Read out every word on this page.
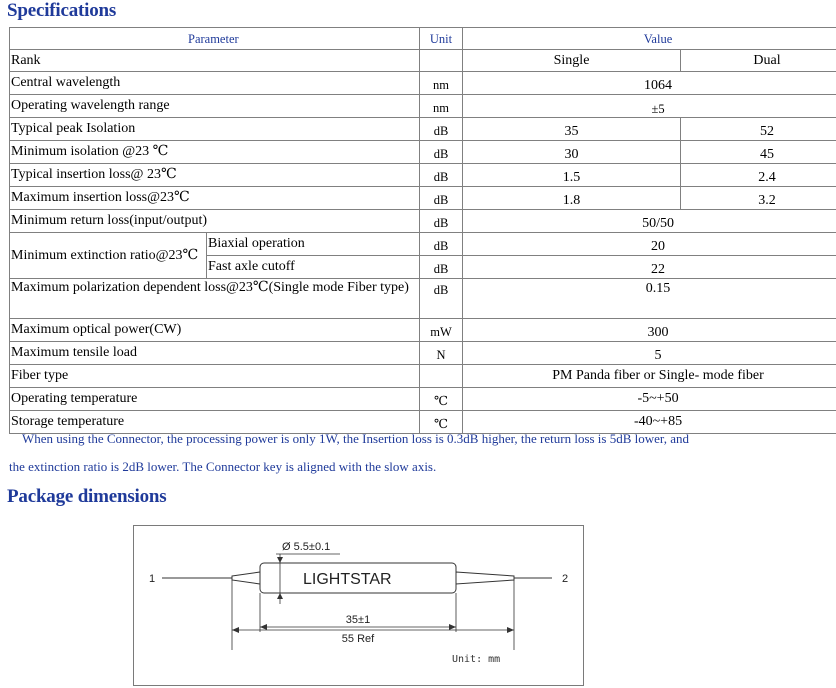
Specifications
Parameter		Unit	Value	
Rank			Single	Dual
Central wavelength		nm	1064	
Operating wavelength range		nm	±5	
Typical peak Isolation		dB	35	52
Minimum isolation @23 ℃		dB	30	45
Typical insertion loss@ 23℃		dB	1.5	2.4
Maximum insertion loss@23℃		dB	1.8	3.2
Minimum return loss(input/output)		dB	50/50	
Minimum extinction ratio@23℃	Biaxial operation	dB	20	
	Fast axle cutoff	dB	22	
Maximum polarization dependent loss@23℃(Single mode Fiber type)		dB	0.15	
Maximum optical power(CW)		mW	300	
Maximum tensile load		N	5	
Fiber type			PM Panda fiber or Single- mode fiber	
Operating temperature		℃	-5~+50	
Storage temperature		℃	-40~+85	

When using the Connector, the processing power is only 1W, the Insertion loss is 0.3dB higher, the return loss is 5dB lower, and

the extinction ratio is 2dB lower. The Connector key is aligned with the slow axis.

Package dimensions
Ø 5.5±0.1
LIGHTSTAR
1	2
35±1
55 Ref
Unit: mm
